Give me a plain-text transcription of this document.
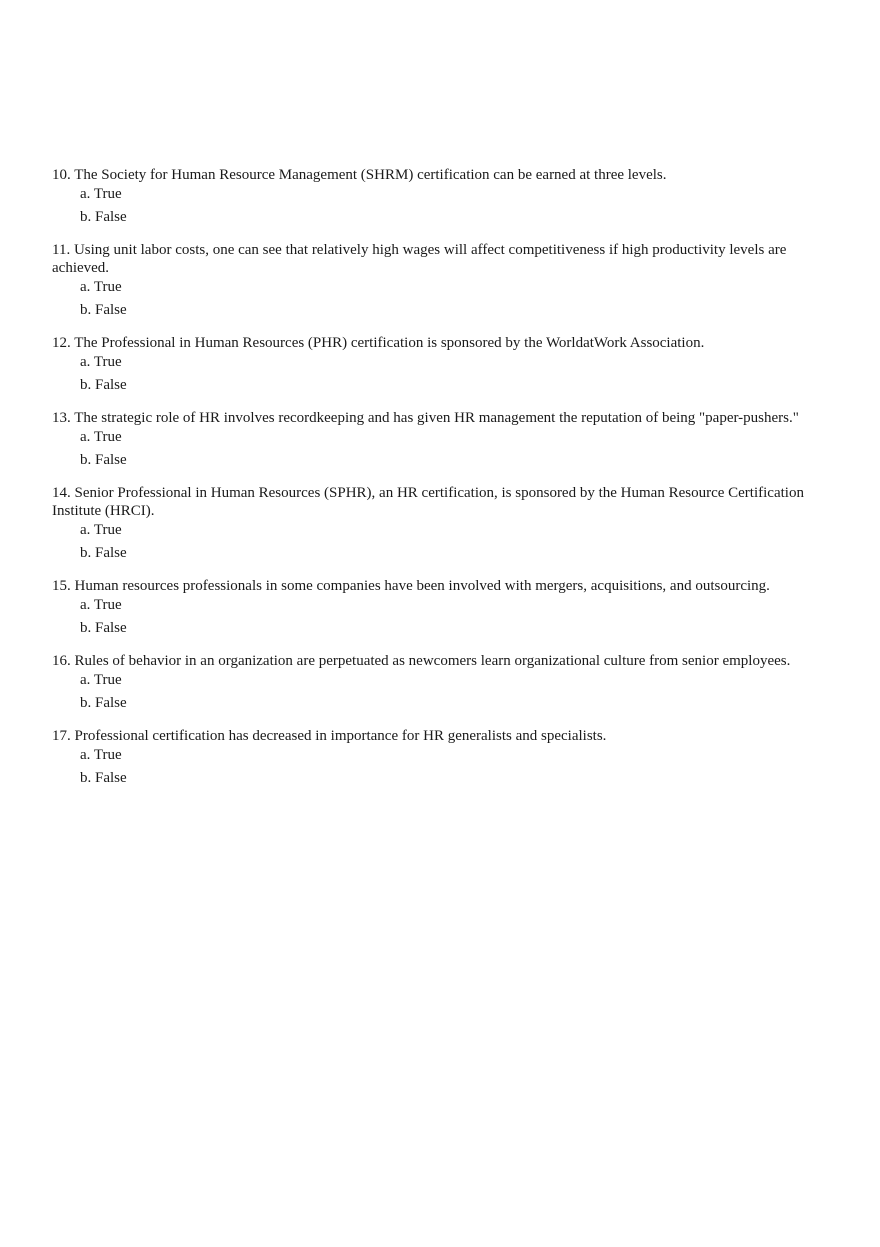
10. The Society for Human Resource Management (SHRM) certification can be earned at three levels.

a. True
b. False

11. Using unit labor costs, one can see that relatively high wages will affect competitiveness if high productivity levels are achieved.

a. True
b. False

12. The Professional in Human Resources (PHR) certification is sponsored by the WorldatWork Association.

a. True
b. False

13. The strategic role of HR involves recordkeeping and has given HR management the reputation of being "paper-pushers."

a. True
b. False

14. Senior Professional in Human Resources (SPHR), an HR certification, is sponsored by the Human Resource Certification Institute (HRCI).

a. True
b. False

15. Human resources professionals in some companies have been involved with mergers, acquisitions, and outsourcing.

a. True
b. False

16. Rules of behavior in an organization are perpetuated as newcomers learn organizational culture from senior employees.

a. True
b. False

17. Professional certification has decreased in importance for HR generalists and specialists.

a. True
b. False
